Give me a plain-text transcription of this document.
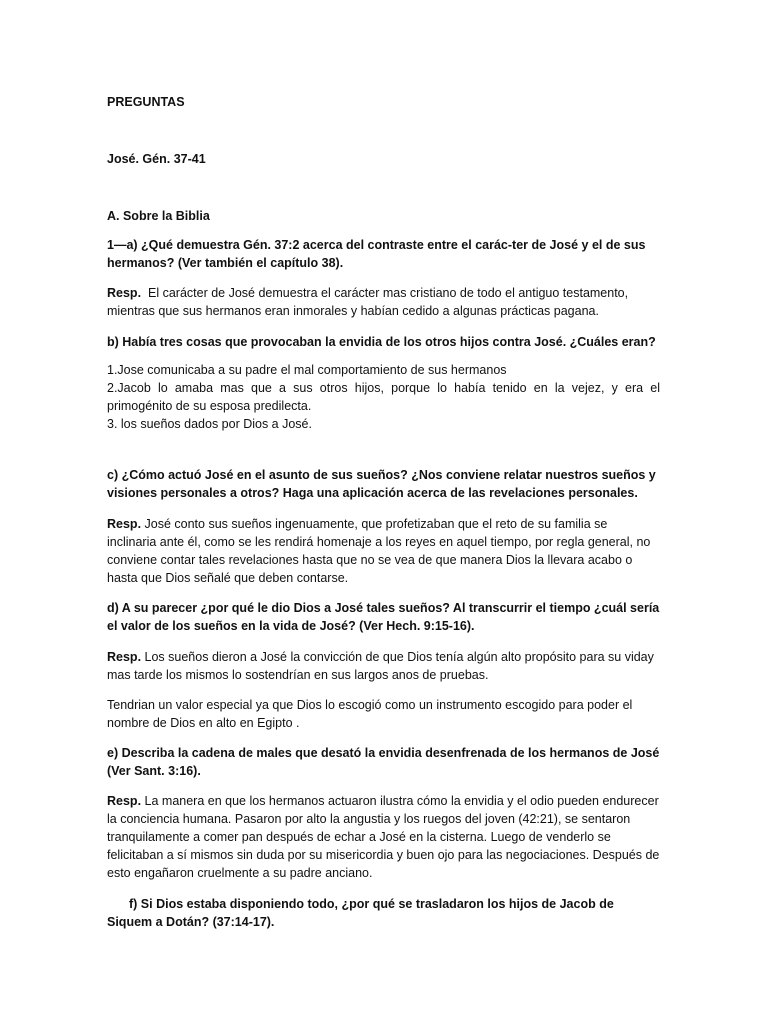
PREGUNTAS
José. Gén. 37-41
A. Sobre la Biblia
1—a) ¿Qué demuestra Gén. 37:2 acerca del contraste entre el carác-ter de José y el de sus hermanos? (Ver también el capítulo 38).
Resp. El carácter de José demuestra el carácter mas cristiano de todo el antiguo testamento, mientras que sus hermanos eran inmorales y habían cedido a algunas prácticas pagana.
b) Había tres cosas que provocaban la envidia de los otros hijos contra José. ¿Cuáles eran?
1.Jose comunicaba a su padre el mal comportamiento de sus hermanos
2.Jacob lo amaba mas que a sus otros hijos, porque lo había tenido en la vejez, y era el primogénito de su esposa predilecta.
3. los sueños dados por Dios a José.
c) ¿Cómo actuó José en el asunto de sus sueños? ¿Nos conviene relatar nuestros sueños y visiones personales a otros? Haga una aplicación acerca de las revelaciones personales.
Resp. José conto sus sueños ingenuamente, que profetizaban que el reto de su familia se inclinaria ante él, como se les rendirá homenaje a los reyes en aquel tiempo, por regla general, no conviene contar tales revelaciones hasta que no se vea de que manera Dios la llevara acabo o hasta que Dios señalé que deben contarse.
d) A su parecer ¿por qué le dio Dios a José tales sueños? Al transcurrir el tiempo ¿cuál sería el valor de los sueños en la vida de José? (Ver Hech. 9:15-16).
Resp. Los sueños dieron a José la convicción de que Dios tenía algún alto propósito para su viday mas tarde los mismos lo sostendrían en sus largos anos de pruebas.
Tendrian un valor especial ya que Dios lo escogió como un instrumento escogido para poder el nombre de Dios en alto en Egipto .
e) Describa la cadena de males que desató la envidia desenfrenada de los hermanos de José (Ver Sant. 3:16).
Resp. La manera en que los hermanos actuaron ilustra cómo la envidia y el odio pueden endurecer la conciencia humana. Pasaron por alto la angustia y los ruegos del joven (42:21), se sentaron tranquilamente a comer pan después de echar a José en la cisterna. Luego de venderlo se felicitaban a sí mismos sin duda por su misericordia y buen ojo para las negociaciones. Después de esto engañaron cruelmente a su padre anciano.
f) Si Dios estaba disponiendo todo, ¿por qué se trasladaron los hijos de Jacob de Siquem a Dotán? (37:14-17).
